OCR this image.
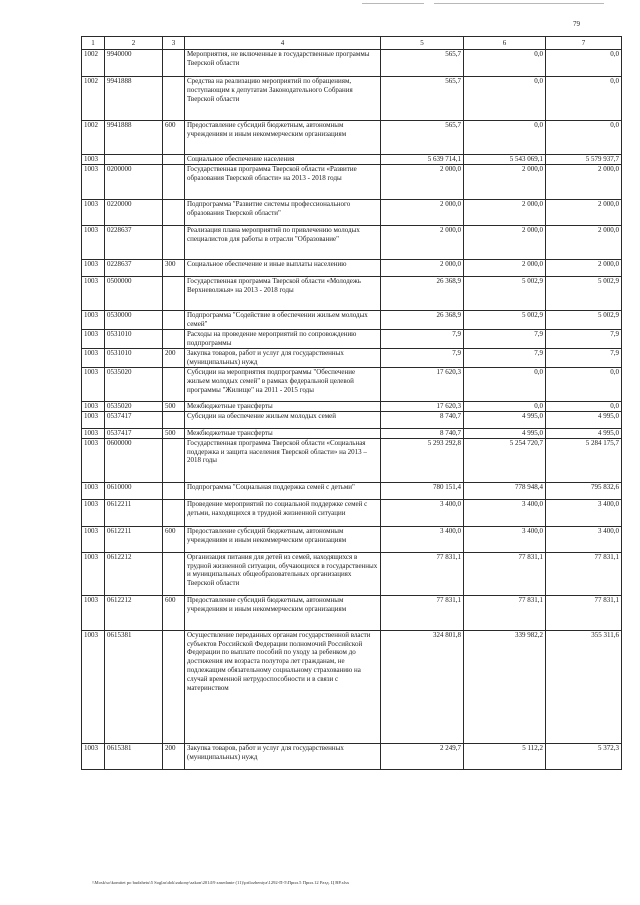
79
1	2	3	4	5	6	7
1002	9940000		Мероприятия, не включенные в государственные программы Тверской области	565,7	0,0	0,0
1002	9941888		Средства на реализацию мероприятий по обращениям, поступающим к депутатам Законодательного Собрания Тверской области	565,7	0,0	0,0
1002	9941888	600	Предоставление субсидий бюджетным, автономным учреждениям и иным некоммерческим организациям	565,7	0,0	0,0
1003			Социальное обеспечение населения	5 639 714,1	5 543 069,1	5 579 937,7
1003	0200000		Государственная программа Тверской области «Развитие образования Тверской области» на 2013 - 2018 годы	2 000,0	2 000,0	2 000,0
1003	0220000		Подпрограмма "Развитие системы профессионального образования Тверской области"	2 000,0	2 000,0	2 000,0
1003	0228637		Реализация плана мероприятий по привлечению молодых специалистов для работы в отрасли "Образование"	2 000,0	2 000,0	2 000,0
1003	0228637	300	Социальное обеспечение и иные выплаты населению	2 000,0	2 000,0	2 000,0
1003	0500000		Государственная программа Тверской области «Молодежь Верхневолжья» на 2013 - 2018 годы	26 368,9	5 002,9	5 002,9
1003	0530000		Подпрограмма "Содействие в обеспечении жильем молодых семей"	26 368,9	5 002,9	5 002,9
1003	0531010		Расходы на проведение мероприятий по сопровождению подпрограммы	7,9	7,9	7,9
1003	0531010	200	Закупка товаров, работ и услуг для государственных (муниципальных) нужд	7,9	7,9	7,9
1003	0535020		Субсидии на мероприятия подпрограммы "Обеспечение жильем молодых семей" в рамках федеральной целевой программы "Жилище" на 2011 - 2015 годы	17 620,3	0,0	0,0
1003	0535020	500	Межбюджетные трансферты	17 620,3	0,0	0,0
1003	0537417		Субсидии на обеспечение жильем молодых семей	8 740,7	4 995,0	4 995,0
1003	0537417	500	Межбюджетные трансферты	8 740,7	4 995,0	4 995,0
1003	0600000		Государственная программа Тверской области «Социальная поддержка и защита населения Тверской области» на 2013 – 2018 годы	5 293 292,8	5 254 720,7	5 284 175,7
1003	0610000		Подпрограмма "Социальная поддержка семей с детьми"	780 151,4	778 948,4	795 832,6
1003	0612211		Проведение мероприятий по социальной поддержке семей с детьми, находящихся в трудной жизненной ситуации	3 400,0	3 400,0	3 400,0
1003	0612211	600	Предоставление субсидий бюджетным, автономным учреждениям и иным некоммерческим организациям	3 400,0	3 400,0	3 400,0
1003	0612212		Организация питания для детей из семей, находящихся в трудной жизненной ситуации, обучающихся в государственных и муниципальных общеобразовательных организациях Тверской области	77 831,1	77 831,1	77 831,1
1003	0612212	600	Предоставление субсидий бюджетным, автономным учреждениям и иным некоммерческим организациям	77 831,1	77 831,1	77 831,1
1003	0615381		Осуществление переданных органам государственной власти субъектов Российской Федерации полномочий Российской Федерации по выплате пособий по уходу за ребенком до достижения им возраста полутора лет гражданам, не подлежащим обязательному социальному страхованию на случай временной нетрудоспособности и в связи с материнством	324 801,8	339 982,2	355 311,6
1003	0615381	200	Закупка товаров, работ и услуг для государственных (муниципальных) нужд	2 249,7	5 112,2	5 372,3
\\Mosk\so\komitet po budzhetu\5 Soglas\dok\zakony\zakon\2014\9 zasedanie (11)\prilozheniya\1292-П-5\Прил.5 Прил.12 Разд. Ц ВР.xlsx
